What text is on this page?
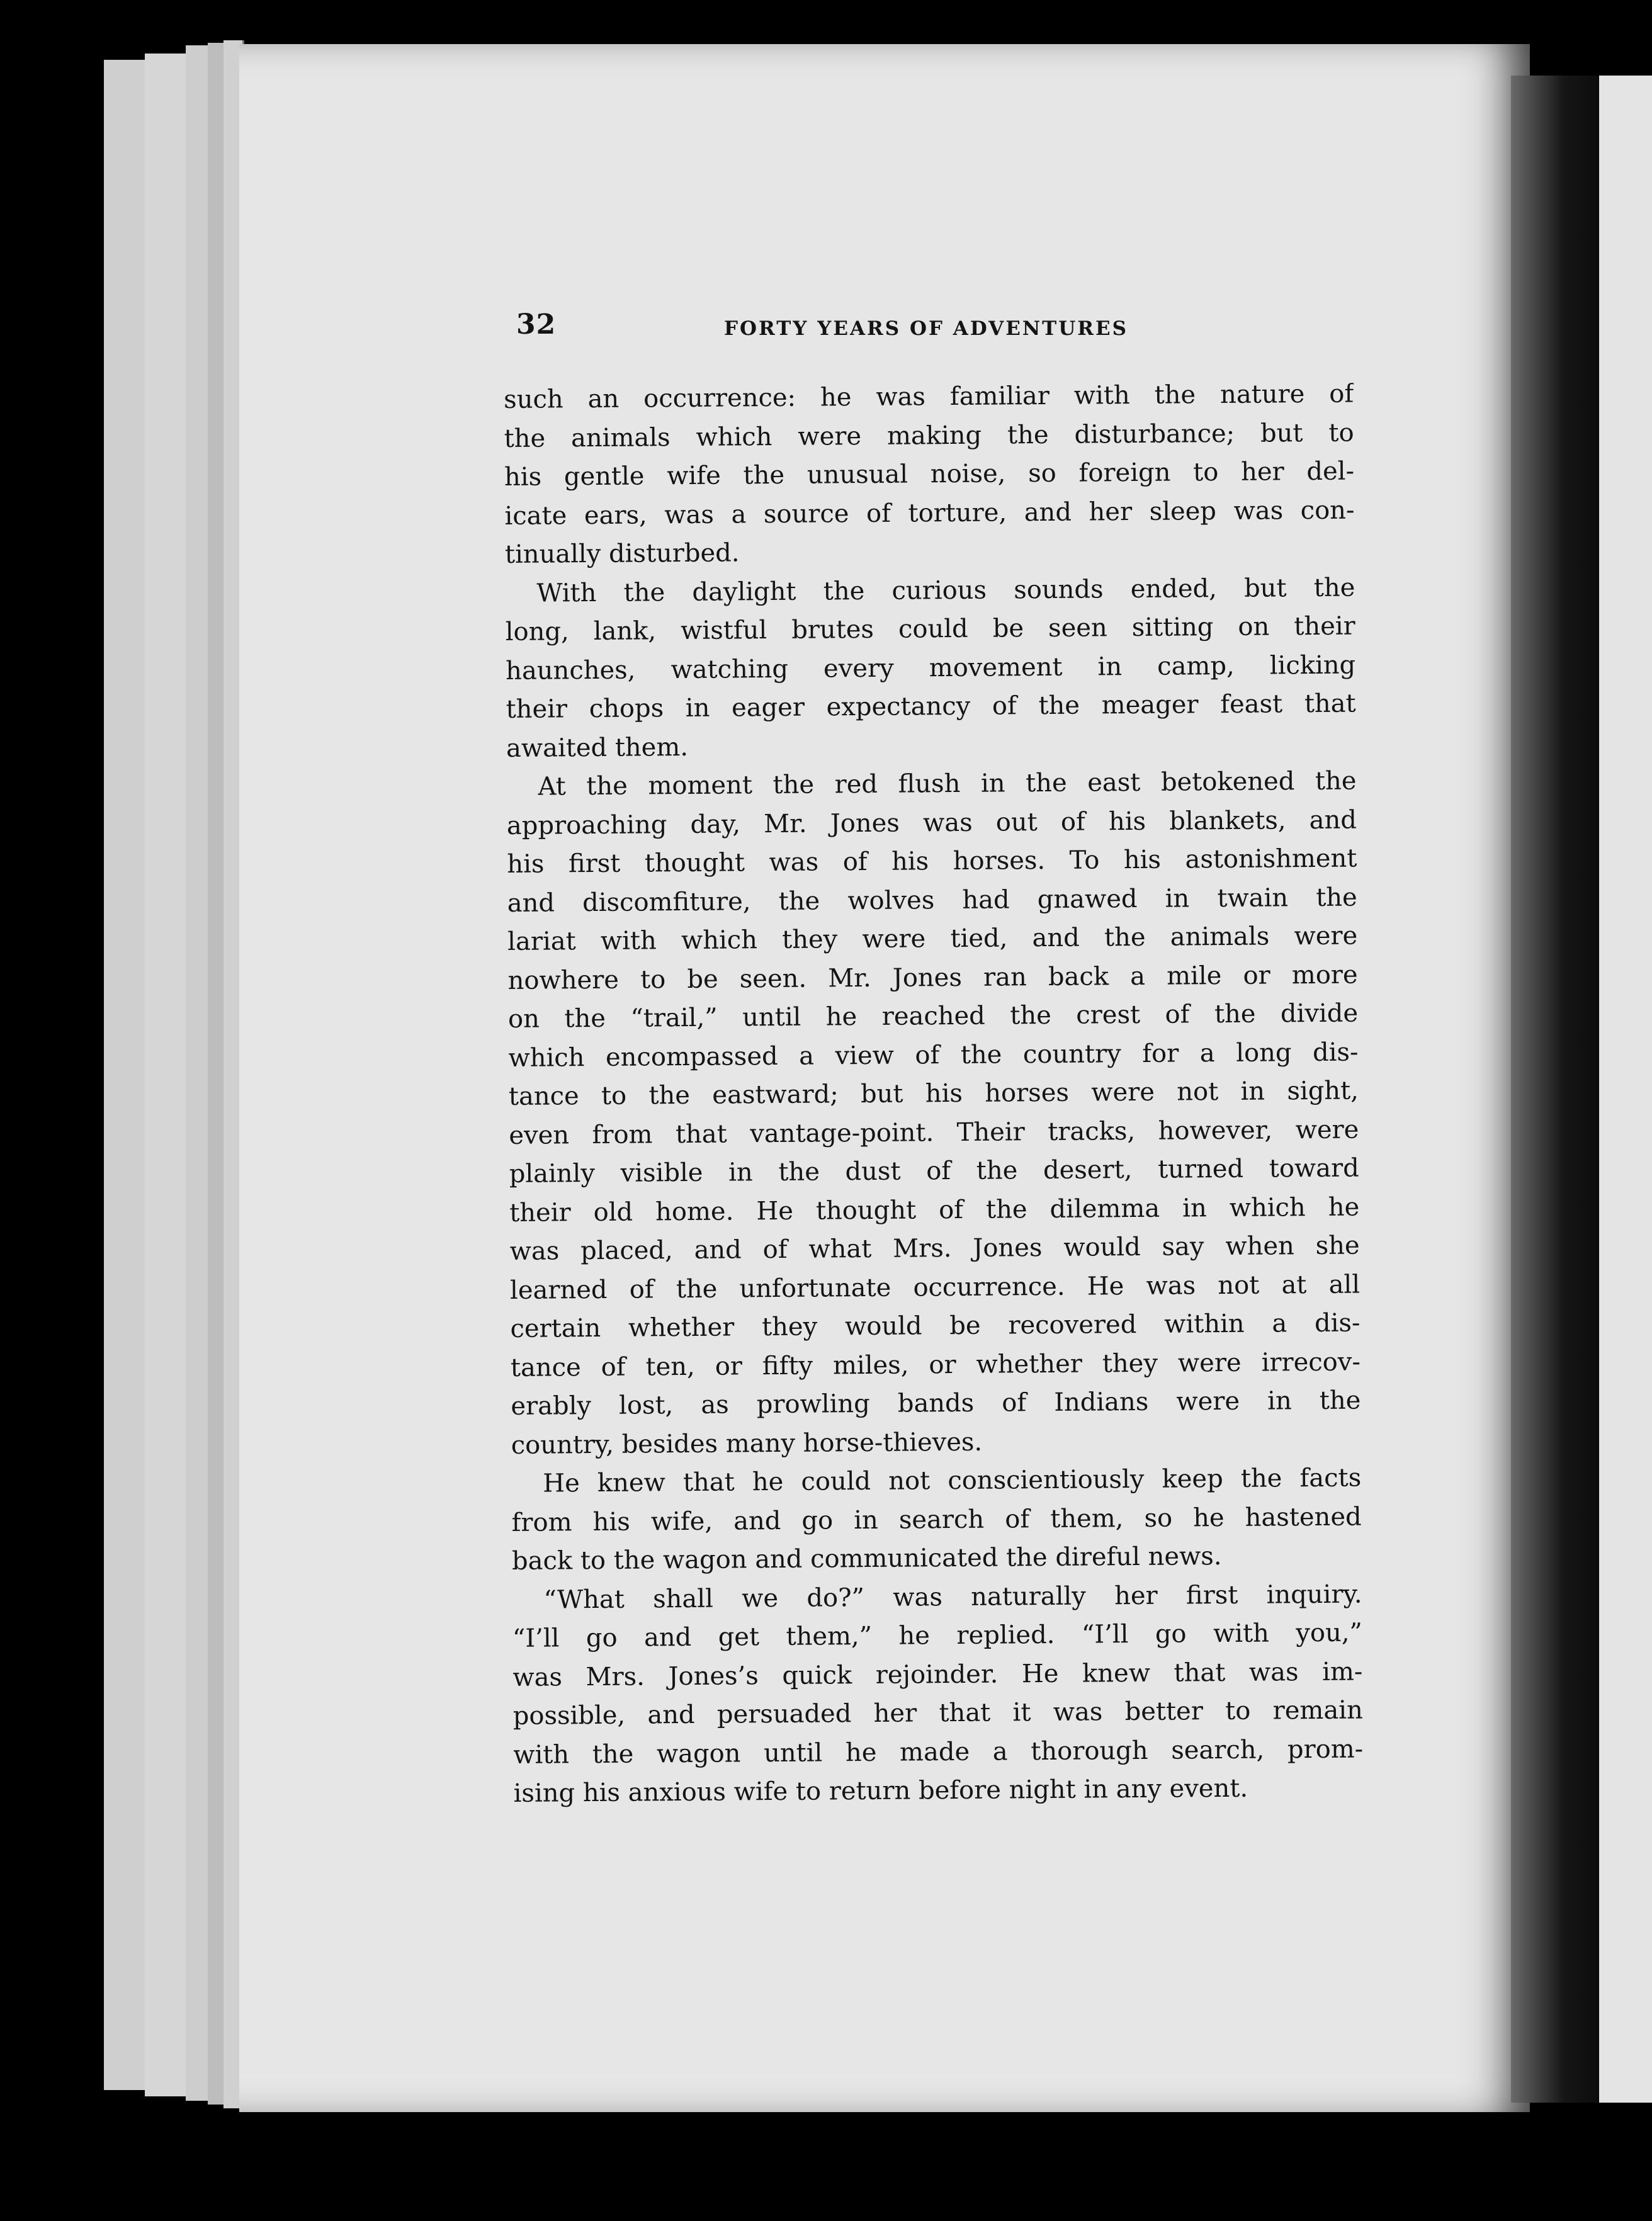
32	FORTY YEARS OF ADVENTURES
such an occurrence: he was familiar with the nature of
the animals which were making the disturbance; but to
his gentle wife the unusual noise, so foreign to her del-
icate ears, was a source of torture, and her sleep was con-
tinually disturbed.
With the daylight the curious sounds ended, but the
long, lank, wistful brutes could be seen sitting on their
haunches, watching every movement in camp, licking
their chops in eager expectancy of the meager feast that
awaited them.
At the moment the red flush in the east betokened the
approaching day, Mr. Jones was out of his blankets, and
his first thought was of his horses. To his astonishment
and discomfiture, the wolves had gnawed in twain the
lariat with which they were tied, and the animals were
nowhere to be seen. Mr. Jones ran back a mile or more
on the “trail,” until he reached the crest of the divide
which encompassed a view of the country for a long dis-
tance to the eastward; but his horses were not in sight,
even from that vantage-point. Their tracks, however, were
plainly visible in the dust of the desert, turned toward
their old home. He thought of the dilemma in which he
was placed, and of what Mrs. Jones would say when she
learned of the unfortunate occurrence. He was not at all
certain whether they would be recovered within a dis-
tance of ten, or fifty miles, or whether they were irrecov-
erably lost, as prowling bands of Indians were in the
country, besides many horse-thieves.
He knew that he could not conscientiously keep the facts
from his wife, and go in search of them, so he hastened
back to the wagon and communicated the direful news.
“What shall we do?” was naturally her first inquiry.
“I’ll go and get them,” he replied. “I’ll go with you,”
was Mrs. Jones’s quick rejoinder. He knew that was im-
possible, and persuaded her that it was better to remain
with the wagon until he made a thorough search, prom-
ising his anxious wife to return before night in any event.
